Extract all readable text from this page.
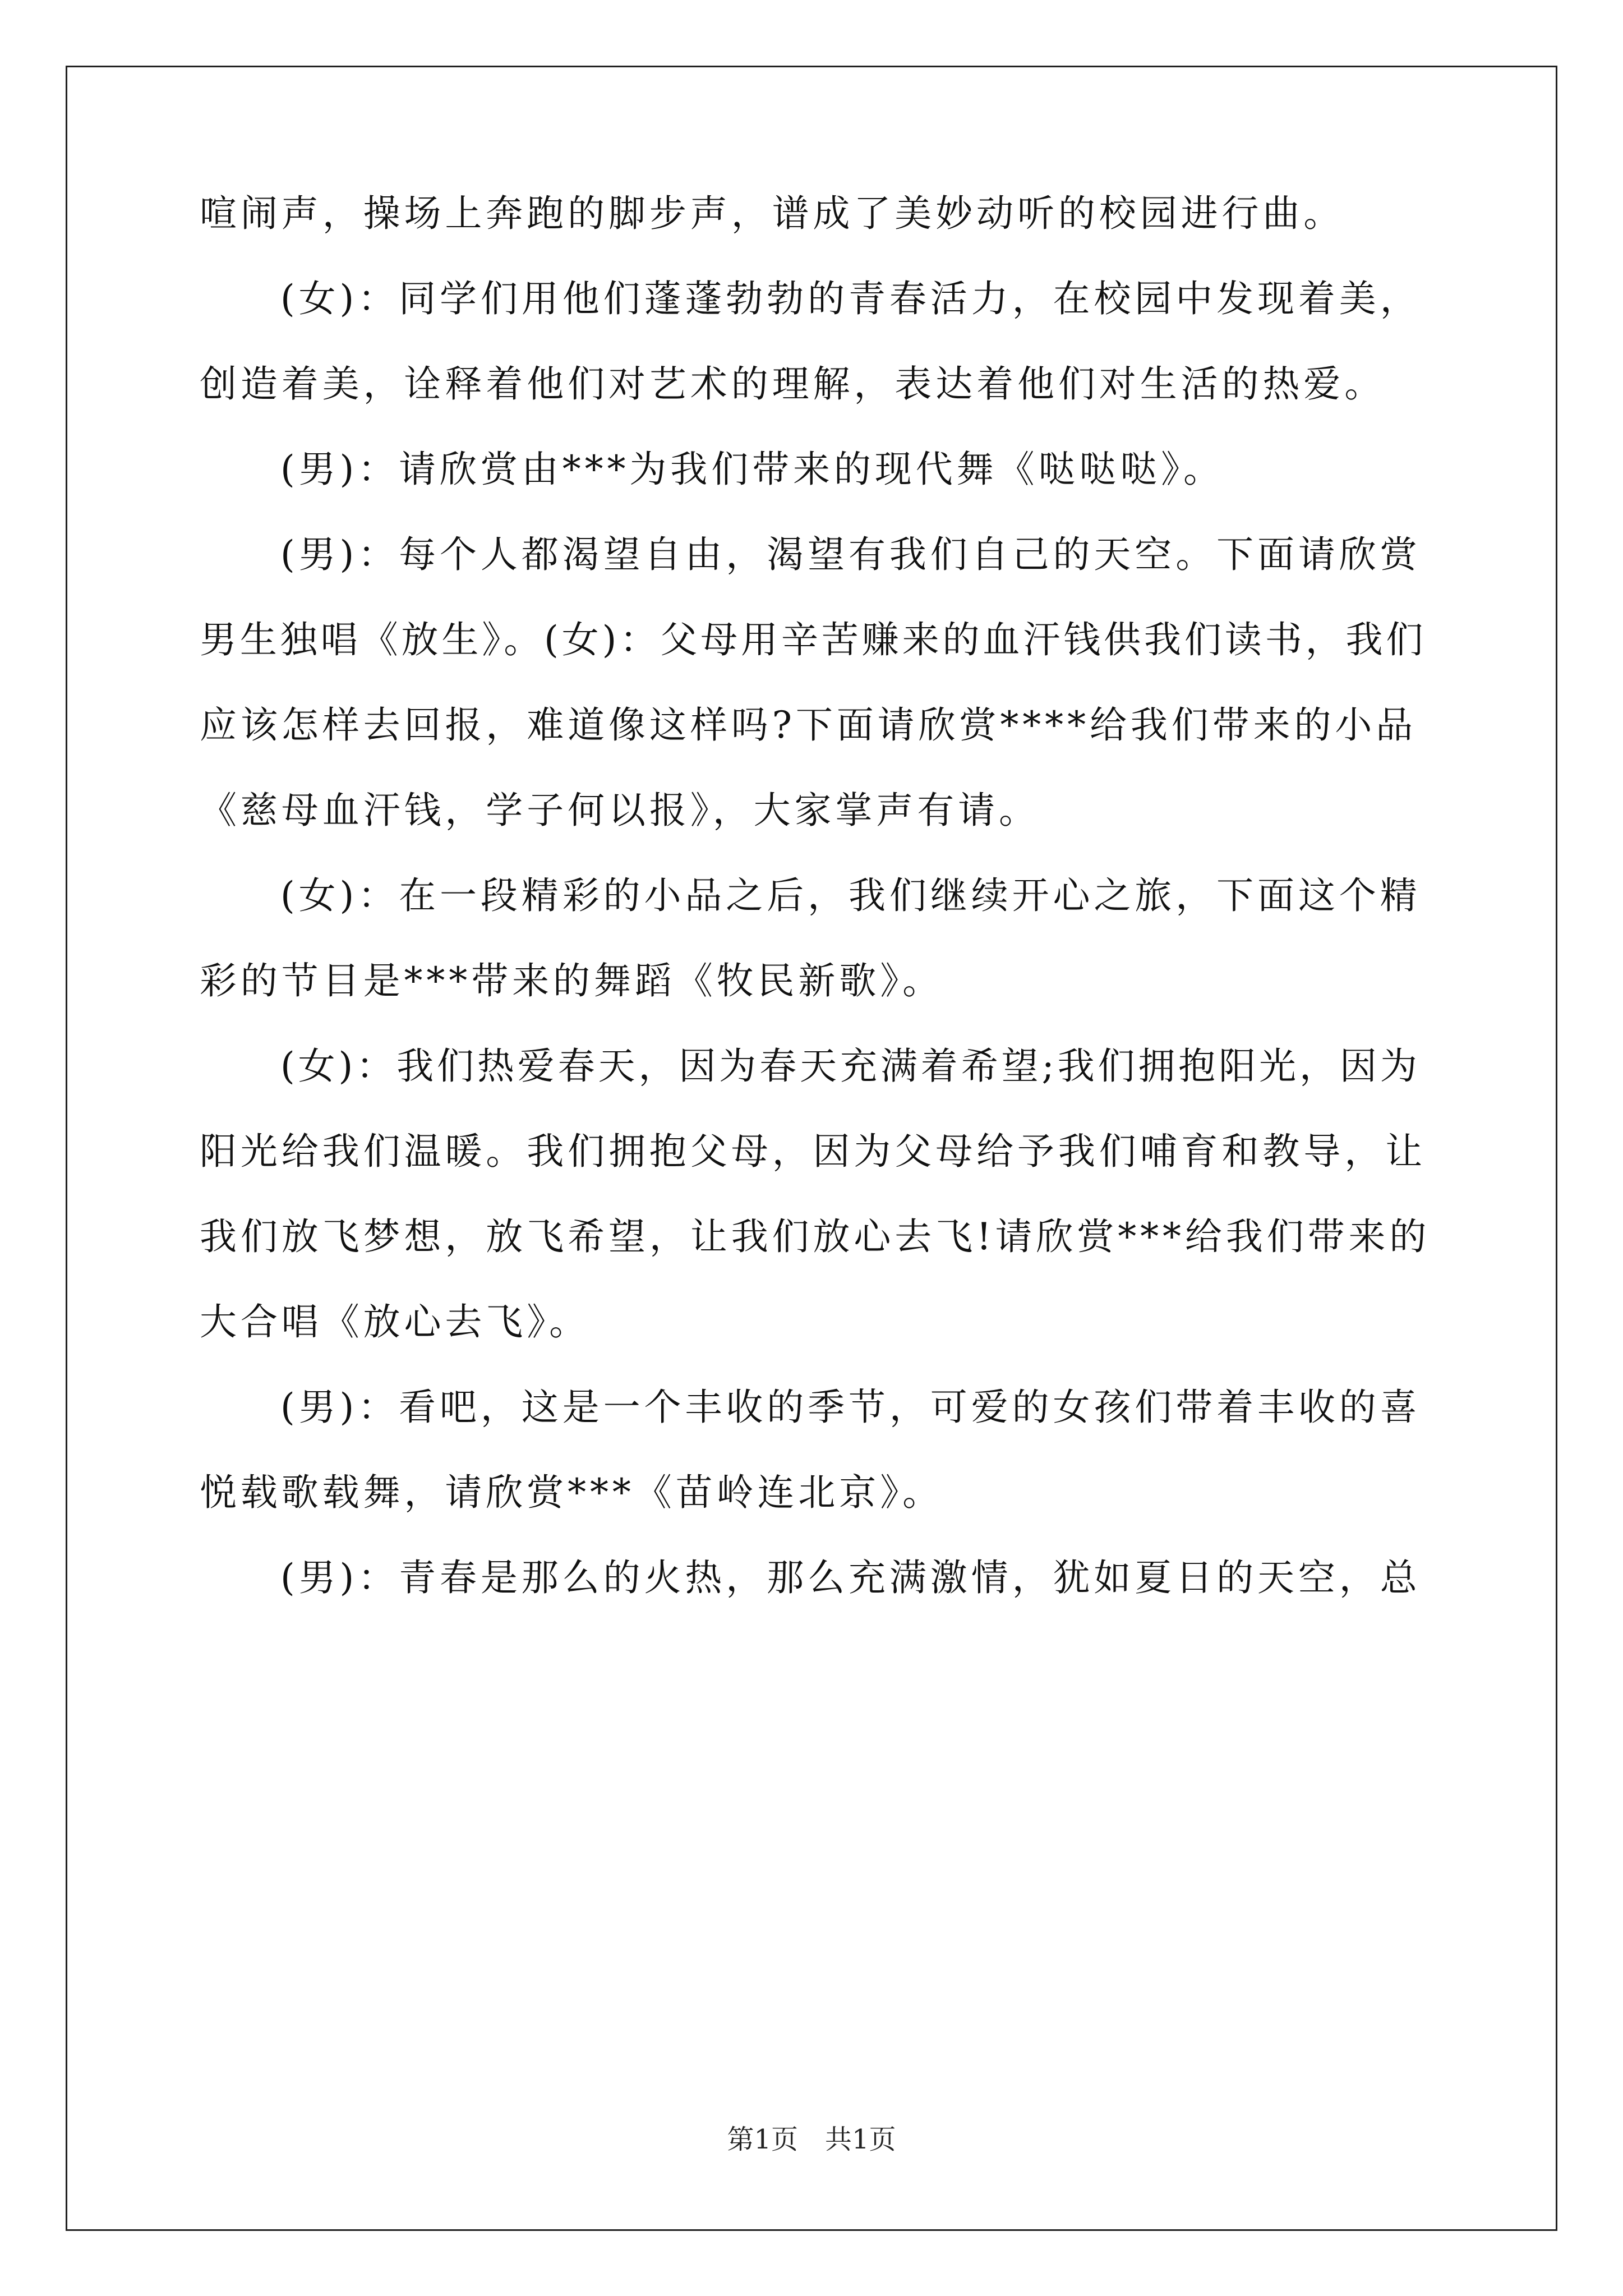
喧闹声，操场上奔跑的脚步声，谱成了美妙动听的校园进行曲。
(女)：同学们用他们蓬蓬勃勃的青春活力，在校园中发现着美，
创造着美，诠释着他们对艺术的理解，表达着他们对生活的热爱。
(男)：请欣赏由***为我们带来的现代舞《哒哒哒》。
(男)：每个人都渴望自由，渴望有我们自己的天空。下面请欣赏
男生独唱《放生》。(女)：父母用辛苦赚来的血汗钱供我们读书，我们
应该怎样去回报，难道像这样吗?下面请欣赏****给我们带来的小品
《慈母血汗钱，学子何以报》，大家掌声有请。
(女)：在一段精彩的小品之后，我们继续开心之旅，下面这个精
彩的节目是***带来的舞蹈《牧民新歌》。
(女)：我们热爱春天，因为春天充满着希望;我们拥抱阳光，因为
阳光给我们温暖。我们拥抱父母，因为父母给予我们哺育和教导，让
我们放飞梦想，放飞希望，让我们放心去飞!请欣赏***给我们带来的
大合唱《放心去飞》。
(男)：看吧，这是一个丰收的季节，可爱的女孩们带着丰收的喜
悦载歌载舞，请欣赏***《苗岭连北京》。
(男)：青春是那么的火热，那么充满激情，犹如夏日的天空，总
第1页　共1页
